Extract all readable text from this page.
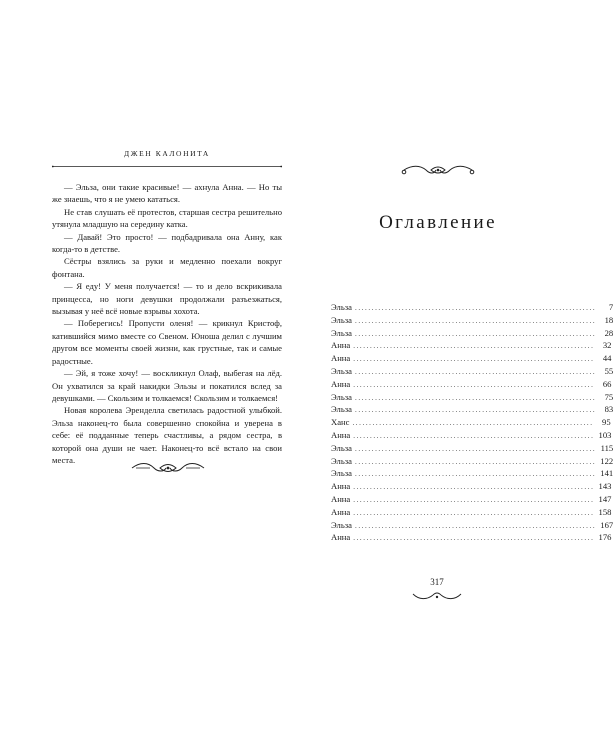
ДЖЕН КАЛОНИТА

— Эльза, они такие красивые! — ахнула Анна. — Но ты же знаешь, что я не умею кататься.

Не став слушать её протестов, старшая сестра решительно утянула младшую на середину катка.

— Давай! Это просто! — подбадривала она Анну, как когда-то в детстве.

Сёстры взялись за руки и медленно поехали вокруг фонтана.

— Я еду! У меня получается! — то и дело вскрикивала принцесса, но ноги девушки продолжали разъезжаться, вызывая у неё всё новые взрывы хохота.

— Поберегись! Пропусти оленя! — крикнул Кристоф, катившийся мимо вместе со Свеном. Юноша делил с лучшим другом все моменты своей жизни, как грустные, так и самые радостные.

— Эй, я тоже хочу! — воскликнул Олаф, выбегая на лёд. Он ухватился за край накидки Эльзы и покатился вслед за девушками. — Скользим и толкаемся! Скользим и толкаемся!

Новая королева Эренделла светилась радостной улыбкой. Эльза наконец-то была совершенно спокойна и уверена в себе: её подданные теперь счастливы, а рядом сестра, в которой она души не чает. Наконец-то всё встало на свои места.

Оглавление
Эльза ........................................................................	7
Эльза ........................................................................ 18
Эльза ........................................................................ 28
Анна ........................................................................ 32
Анна ........................................................................ 44
Эльза ........................................................................ 55
Анна ........................................................................ 66
Эльза ........................................................................ 75
Эльза ........................................................................ 83
Ханс ........................................................................ 95
Анна ........................................................................ 103
Эльза ........................................................................ 115
Эльза ........................................................................ 122
Эльза ........................................................................ 141
Анна ........................................................................ 143
Анна ........................................................................ 147
Анна ........................................................................ 158
Эльза ........................................................................ 167
Анна ........................................................................ 176
317
